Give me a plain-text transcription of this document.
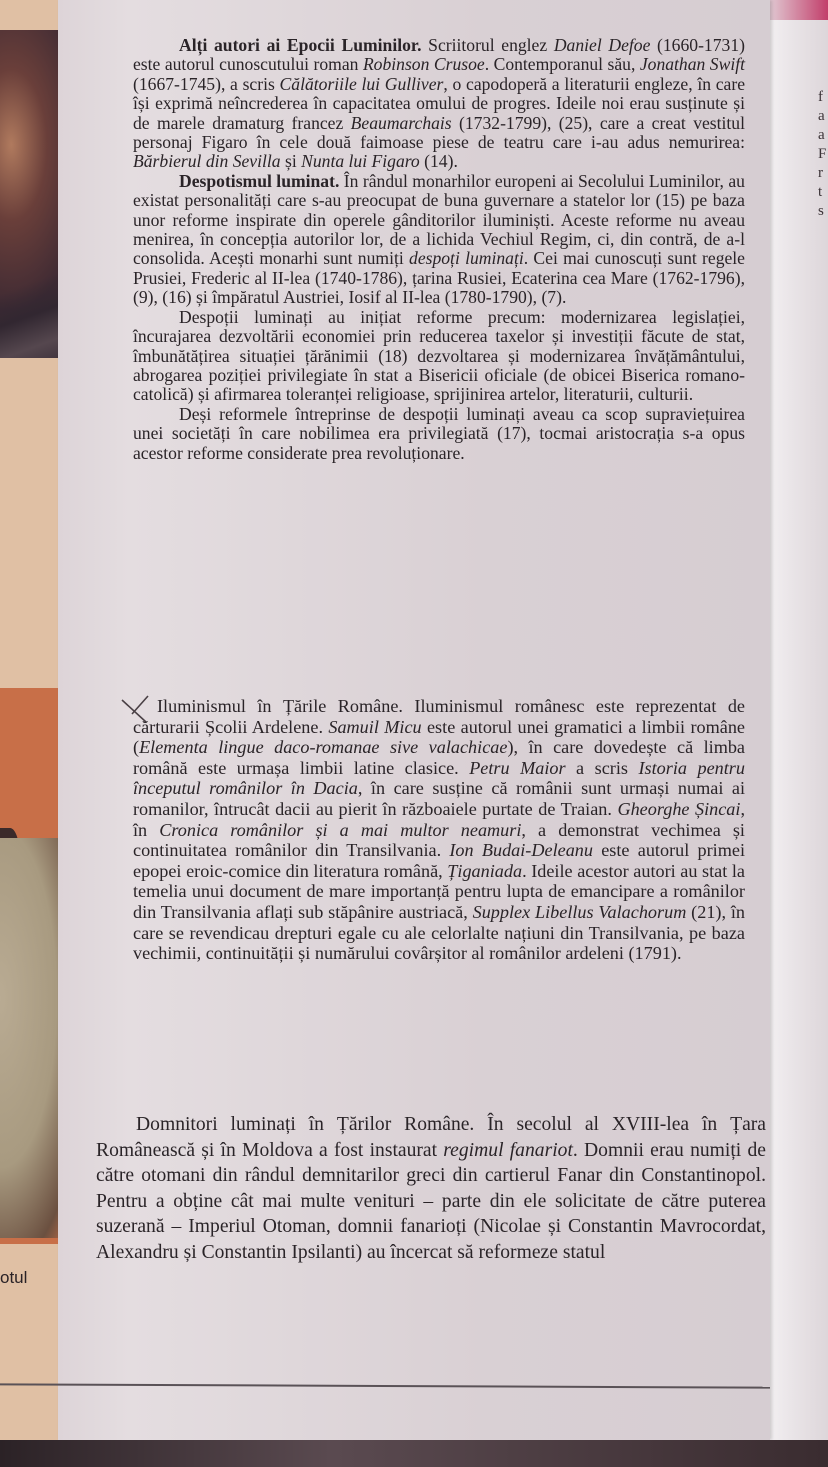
otul
f
a
a
F
r
t
s

Alți autori ai Epocii Luminilor. Scriitorul englez Daniel Defoe (1660-1731) este autorul cunoscutului roman Robinson Crusoe. Contemporanul său, Jonathan Swift (1667-1745), a scris Călătoriile lui Gulliver, o capodoperă a literaturii engleze, în care își exprimă neîncrederea în capacitatea omului de progres. Ideile noi erau susținute și de marele dramaturg francez Beaumarchais (1732-1799), (25), care a creat vestitul personaj Figaro în cele două faimoase piese de teatru care i-au adus nemurirea: Bărbierul din Sevilla și Nunta lui Figaro (14).

Despotismul luminat. În rândul monarhilor europeni ai Secolului Luminilor, au existat personalități care s-au preocupat de buna guvernare a statelor lor (15) pe baza unor reforme inspirate din operele gânditorilor iluminiști. Aceste reforme nu aveau menirea, în concepția autorilor lor, de a lichida Vechiul Regim, ci, din contră, de a-l consolida. Acești monarhi sunt numiți despoți luminați. Cei mai cunoscuți sunt regele Prusiei, Frederic al II-lea (1740-1786), țarina Rusiei, Ecaterina cea Mare (1762-1796), (9), (16) și împăratul Austriei, Iosif al II-lea (1780-1790), (7).

Despoții luminați au inițiat reforme precum: modernizarea legislației, încurajarea dezvoltării economiei prin reducerea taxelor și investiții făcute de stat, îmbunătățirea situației țărănimii (18) dezvoltarea și modernizarea învățământului, abrogarea poziției privilegiate în stat a Bisericii oficiale (de obicei Biserica romano-catolică) și afirmarea toleranței religioase, sprijinirea artelor, literaturii, culturii.

Deși reformele întreprinse de despoții luminați aveau ca scop supraviețuirea unei societăți în care nobilimea era privilegiată (17), tocmai aristocrația s-a opus acestor reforme considerate prea revoluționare.

Iluminismul în Țările Române. Iluminismul românesc este reprezentat de cărturarii Școlii Ardelene. Samuil Micu este autorul unei gramatici a limbii române (Elementa lingue daco-romanae sive valachicae), în care dovedește că limba română este urmașa limbii latine clasice. Petru Maior a scris Istoria pentru începutul românilor în Dacia, în care susține că românii sunt urmași numai ai romanilor, întrucât dacii au pierit în războaiele purtate de Traian. Gheorghe Șincai, în Cronica românilor și a mai multor neamuri, a demonstrat vechimea și continuitatea românilor din Transilvania. Ion Budai-Deleanu este autorul primei epopei eroic-comice din literatura română, Țiganiada. Ideile acestor autori au stat la temelia unui document de mare importanță pentru lupta de emancipare a românilor din Transilvania aflați sub stăpânire austriacă, Supplex Libellus Valachorum (21), în care se revendicau drepturi egale cu ale celorlalte națiuni din Transilvania, pe baza vechimii, continuității și numărului covârșitor al românilor ardeleni (1791).

Domnitori luminați în Țărilor Române. În secolul al XVIII-lea în Țara Românească și în Moldova a fost instaurat regimul fanariot. Domnii erau numiți de către otomani din rândul demnitarilor greci din cartierul Fanar din Constantinopol. Pentru a obține cât mai multe venituri – parte din ele solicitate de către puterea suzerană – Imperiul Otoman, domnii fanarioți (Nicolae și Constantin Mavrocordat, Alexandru și Constantin Ipsilanti) au încercat să reformeze statul
